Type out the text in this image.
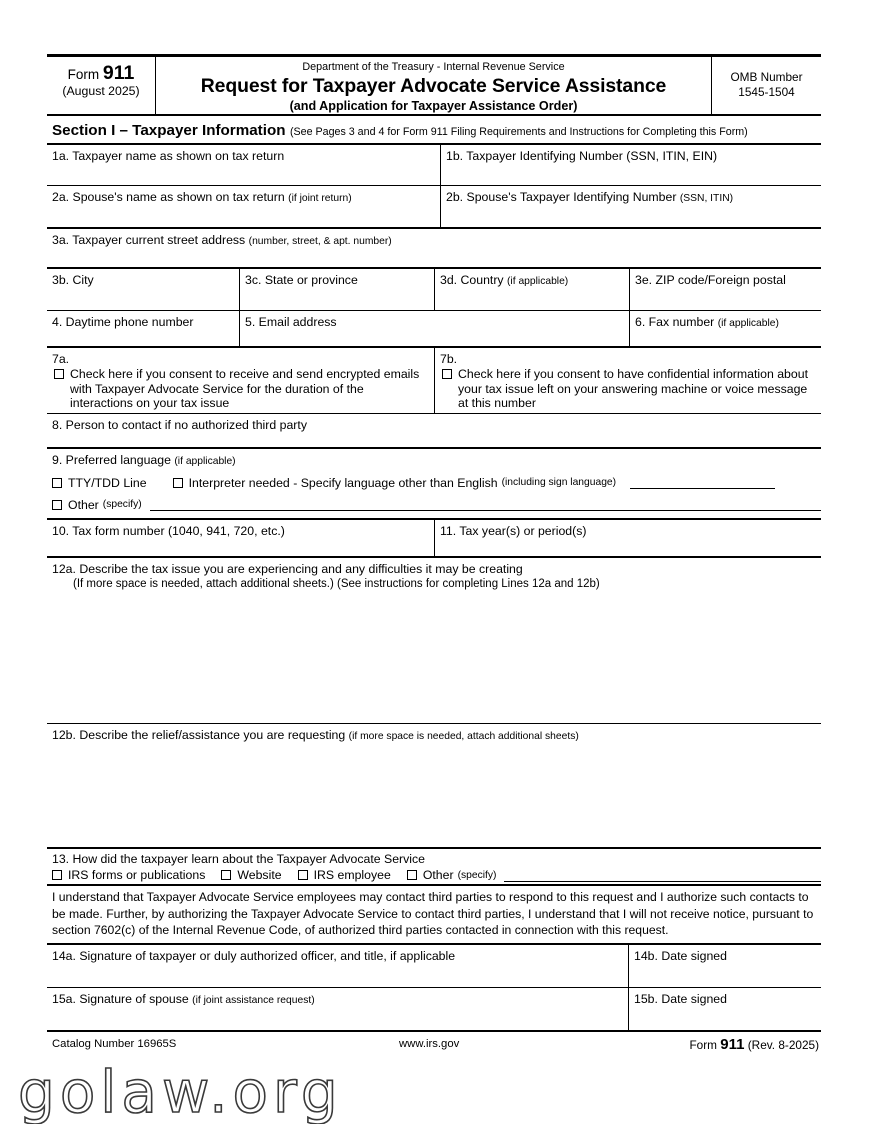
Form 911
(August 2025)
Department of the Treasury - Internal Revenue Service
Request for Taxpayer Advocate Service Assistance
(and Application for Taxpayer Assistance Order)
OMB Number
1545-1504
Section I – Taxpayer Information (See Pages 3 and 4 for Form 911 Filing Requirements and Instructions for Completing this Form)
1a. Taxpayer name as shown on tax return	1b. Taxpayer Identifying Number (SSN, ITIN, EIN)
2a. Spouse's name as shown on tax return (if joint return)	2b. Spouse's Taxpayer Identifying Number (SSN, ITIN)
3a. Taxpayer current street address (number, street, & apt. number)
3b. City	3c. State or province	3d. Country (if applicable)	3e. ZIP code/Foreign postal
4. Daytime phone number	5. Email address	6. Fax number (if applicable)
7a.
Check here if you consent to receive and send encrypted emails with Taxpayer Advocate Service for the duration of the interactions on your tax issue
7b.
Check here if you consent to have confidential information about your tax issue left on your answering machine or voice message at this number
8. Person to contact if no authorized third party
9. Preferred language (if applicable)
TTY/TDD Line	Interpreter needed - Specify language other than English (including sign language)
Other (specify)
10. Tax form number (1040, 941, 720, etc.)	11. Tax year(s) or period(s)
12a. Describe the tax issue you are experiencing and any difficulties it may be creating
(If more space is needed, attach additional sheets.) (See instructions for completing Lines 12a and 12b)
12b. Describe the relief/assistance you are requesting (if more space is needed, attach additional sheets)
13. How did the taxpayer learn about the Taxpayer Advocate Service
IRS forms or publications	Website	IRS employee	Other (specify)
I understand that Taxpayer Advocate Service employees may contact third parties to respond to this request and I authorize such contacts to be made. Further, by authorizing the Taxpayer Advocate Service to contact third parties, I understand that I will not receive notice, pursuant to section 7602(c) of the Internal Revenue Code, of authorized third parties contacted in connection with this request.
14a. Signature of taxpayer or duly authorized officer, and title, if applicable	14b. Date signed
15a. Signature of spouse (if joint assistance request)	15b. Date signed
Catalog Number 16965S	www.irs.gov	Form 911 (Rev. 8-2025)
golaw.org
